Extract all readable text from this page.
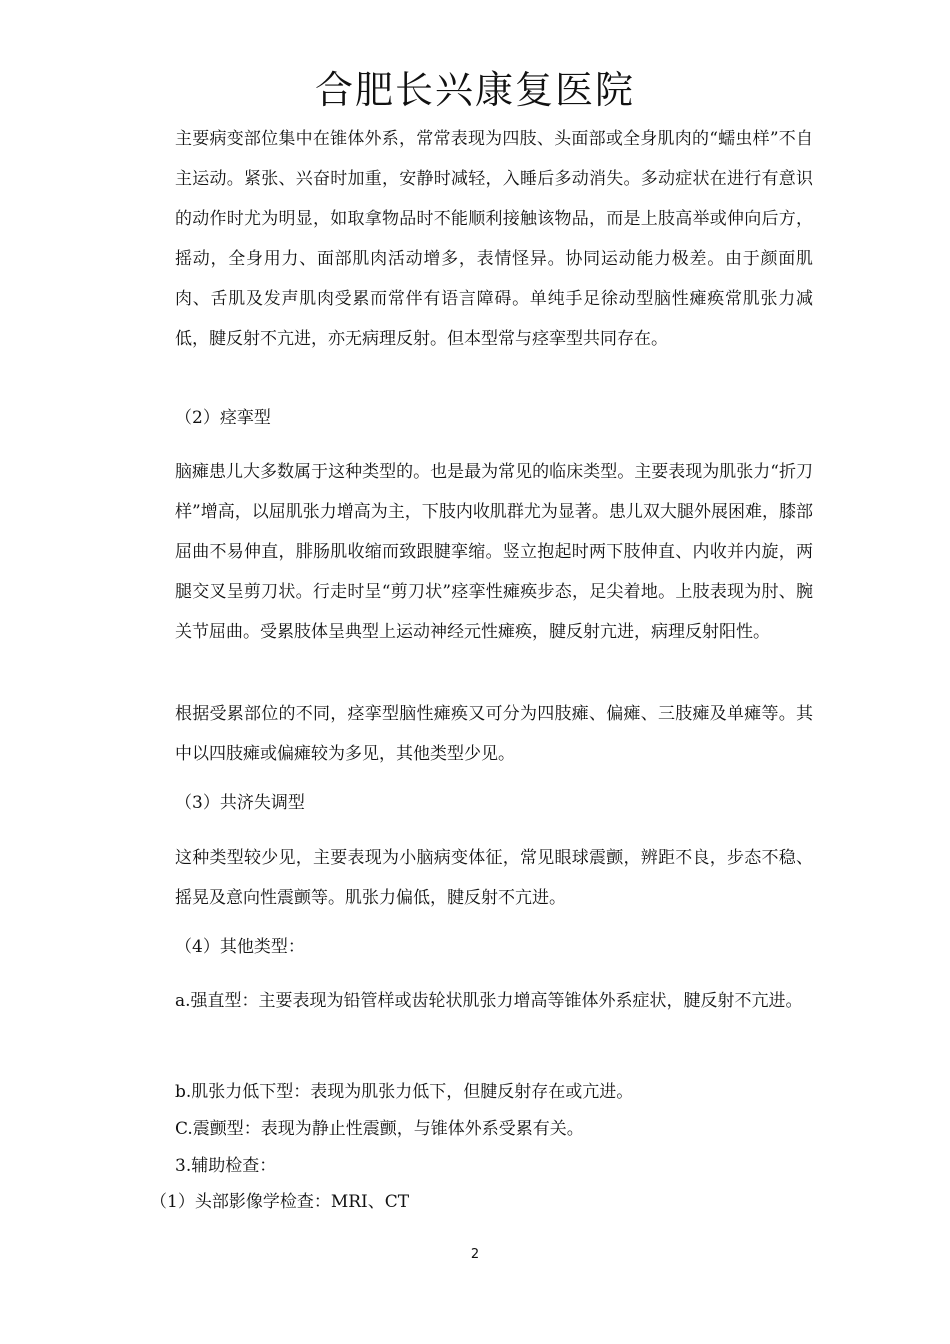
合肥长兴康复医院
主要病变部位集中在锥体外系，常常表现为四肢、头面部或全身肌肉的“蠕虫样”不自主运动。紧张、兴奋时加重，安静时减轻，入睡后多动消失。多动症状在进行有意识的动作时尤为明显，如取拿物品时不能顺利接触该物品，而是上肢高举或伸向后方，摇动，全身用力、面部肌肉活动增多，表情怪异。协同运动能力极差。由于颜面肌肉、舌肌及发声肌肉受累而常伴有语言障碍。单纯手足徐动型脑性瘫痪常肌张力减低，腱反射不亢进，亦无病理反射。但本型常与痉挛型共同存在。
（2）痉挛型
脑瘫患儿大多数属于这种类型的。也是最为常见的临床类型。主要表现为肌张力“折刀样”增高，以屈肌张力增高为主，下肢内收肌群尤为显著。患儿双大腿外展困难，膝部屈曲不易伸直，腓肠肌收缩而致跟腱挛缩。竖立抱起时两下肢伸直、内收并内旋，两腿交叉呈剪刀状。行走时呈“剪刀状”痉挛性瘫痪步态，足尖着地。上肢表现为肘、腕关节屈曲。受累肢体呈典型上运动神经元性瘫痪，腱反射亢进，病理反射阳性。
根据受累部位的不同，痉挛型脑性瘫痪又可分为四肢瘫、偏瘫、三肢瘫及单瘫等。其中以四肢瘫或偏瘫较为多见，其他类型少见。
（3）共济失调型
这种类型较少见，主要表现为小脑病变体征，常见眼球震颤，辨距不良，步态不稳、摇晃及意向性震颤等。肌张力偏低，腱反射不亢进。
（4）其他类型：
a.强直型：主要表现为铅管样或齿轮状肌张力增高等锥体外系症状，腱反射不亢进。
b.肌张力低下型：表现为肌张力低下，但腱反射存在或亢进。
C.震颤型：表现为静止性震颤，与锥体外系受累有关。
3.辅助检查：
（1）头部影像学检查：MRI、CT
2
